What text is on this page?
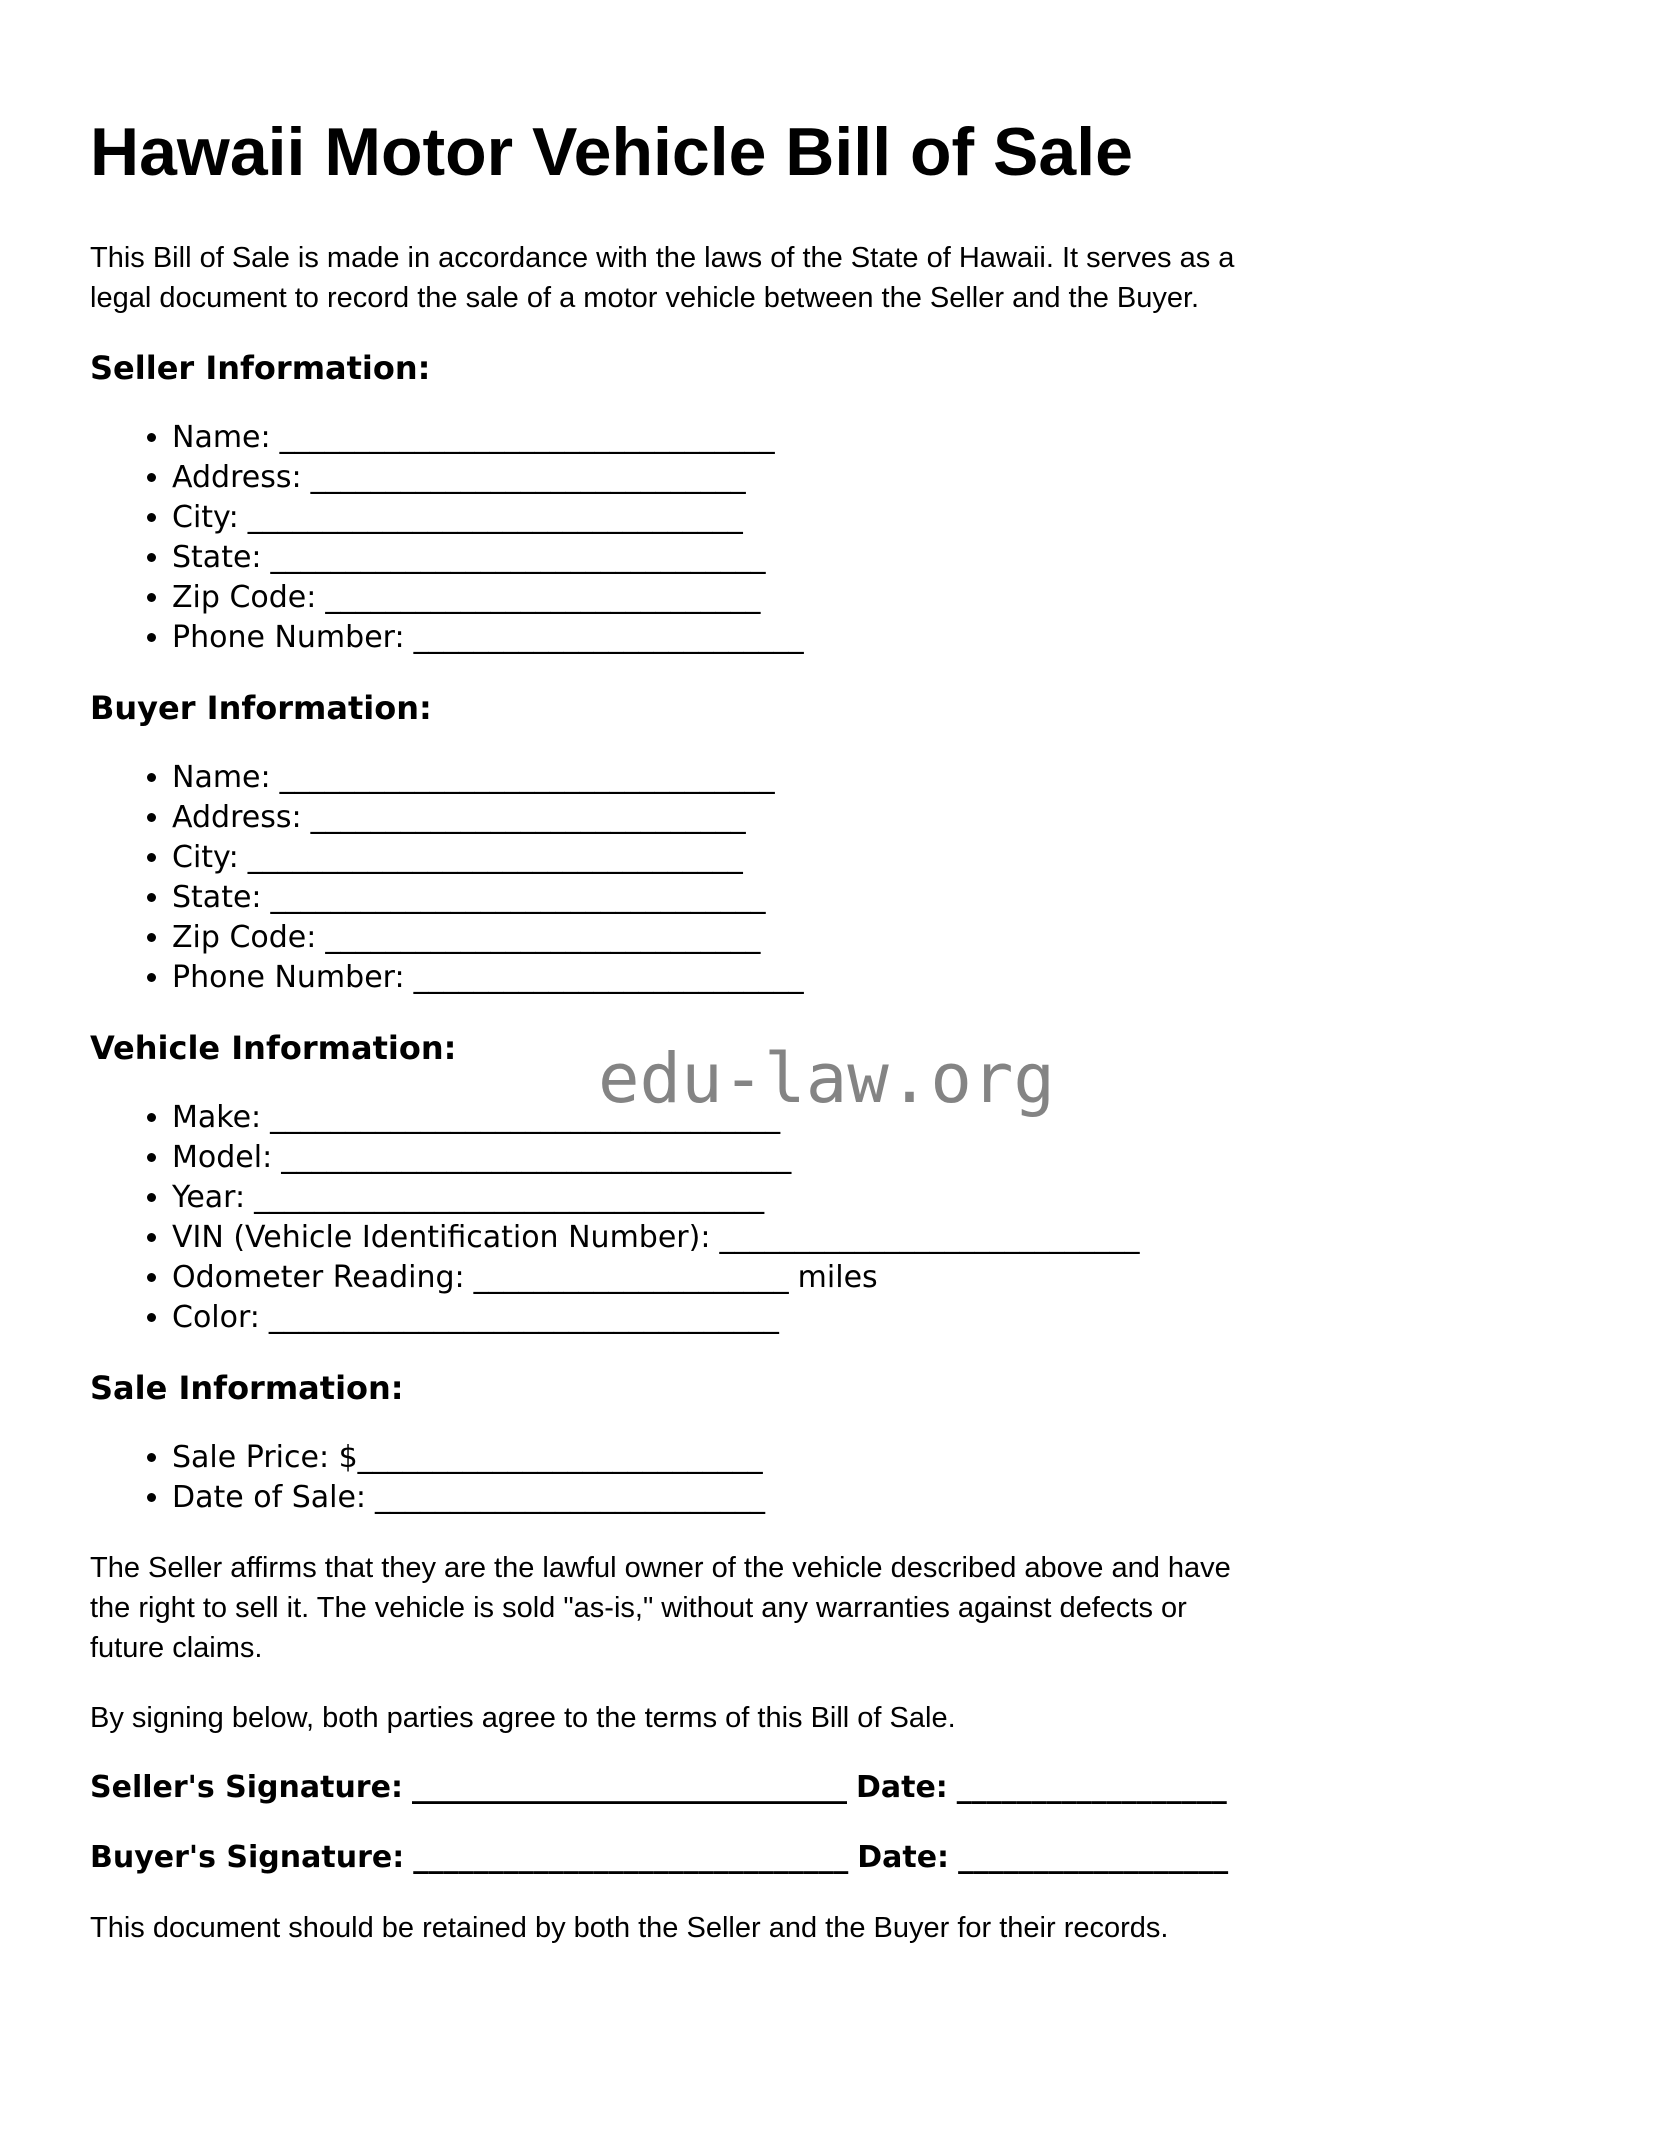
Hawaii Motor Vehicle Bill of Sale

This Bill of Sale is made in accordance with the laws of the State of Hawaii. It serves as a
legal document to record the sale of a motor vehicle between the Seller and the Buyer.

Seller Information:
• Name: _________________________________
• Address: _____________________________
• City: _________________________________
• State: _________________________________
• Zip Code: _____________________________
• Phone Number: __________________________
Buyer Information:
• Name: _________________________________
• Address: _____________________________
• City: _________________________________
• State: _________________________________
• Zip Code: _____________________________
• Phone Number: __________________________
Vehicle Information:
• Make: __________________________________
• Model: __________________________________
• Year: __________________________________
• VIN (Vehicle Identification Number): ____________________________
• Odometer Reading: _____________________ miles
• Color: __________________________________
Sale Information:
• Sale Price: $___________________________
• Date of Sale: __________________________

The Seller affirms that they are the lawful owner of the vehicle described above and have
the right to sell it. The vehicle is sold "as-is," without any warranties against defects or
future claims.

By signing below, both parties agree to the terms of this Bill of Sale.

Seller's Signature: _____________________________ Date: __________________

Buyer's Signature: _____________________________ Date: __________________

This document should be retained by both the Seller and the Buyer for their records.

edu-law.org
